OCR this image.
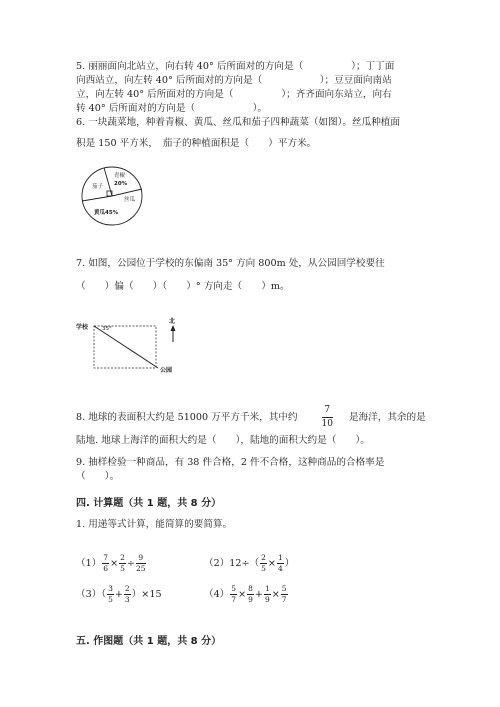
5. 丽丽面向北站立，向右转 40° 后所面对的方向是（　　　　　）；丁丁面
向西站立，向左转 40° 后所面对的方向是（　　　　　　）；豆豆面向南站
立，向左转 40° 后所面对的方向是（　　　　　）；齐齐面向东站立，向右
转 40° 后所面对的方向是（　　　　　　）。
6. 一块蔬菜地，种着青椒、黄瓜、丝瓜和茄子四种蔬菜（如图）。丝瓜种植面
积是 150 平方米，　茄子的种植面积是（　　）平方米。
青椒
20%
丝瓜
茄子
黄瓜45%
7. 如图，公园位于学校的东偏南 35° 方向 800m 处，从公园回学校要往
（　　）偏（　　）（　　）° 方向走（　　）m。
学校	35°
公园
北
8. 地球的表面积大约是 51000 万平方千米，其中约	$\frac{7}{10}$ 是海洋，其余的是
陆地. 地球上海洋的面积大约是（　　），陆地的面积大约是（　　）。
9. 抽样检验一种商品，有 38 件合格，2 件不合格，这种商品的合格率是
（　　）。
四. 计算题（共 1 题，共 8 分）
1. 用递等式计算，能简算的要简算。
$(1) \frac{7}{6} \times \frac{2}{5} \div \frac{9}{25}$	$(2)12\div( \frac{2}{5} \times \frac{1}{4}$ ）
$(3)( \frac{3}{5} + \frac{2}{3} )\times 15$	$(4) \frac{5}{7} \times \frac{8}{9} + \frac{1}{9} \times \frac{5}{7}$
五. 作图题（共 1 题，共 8 分）
